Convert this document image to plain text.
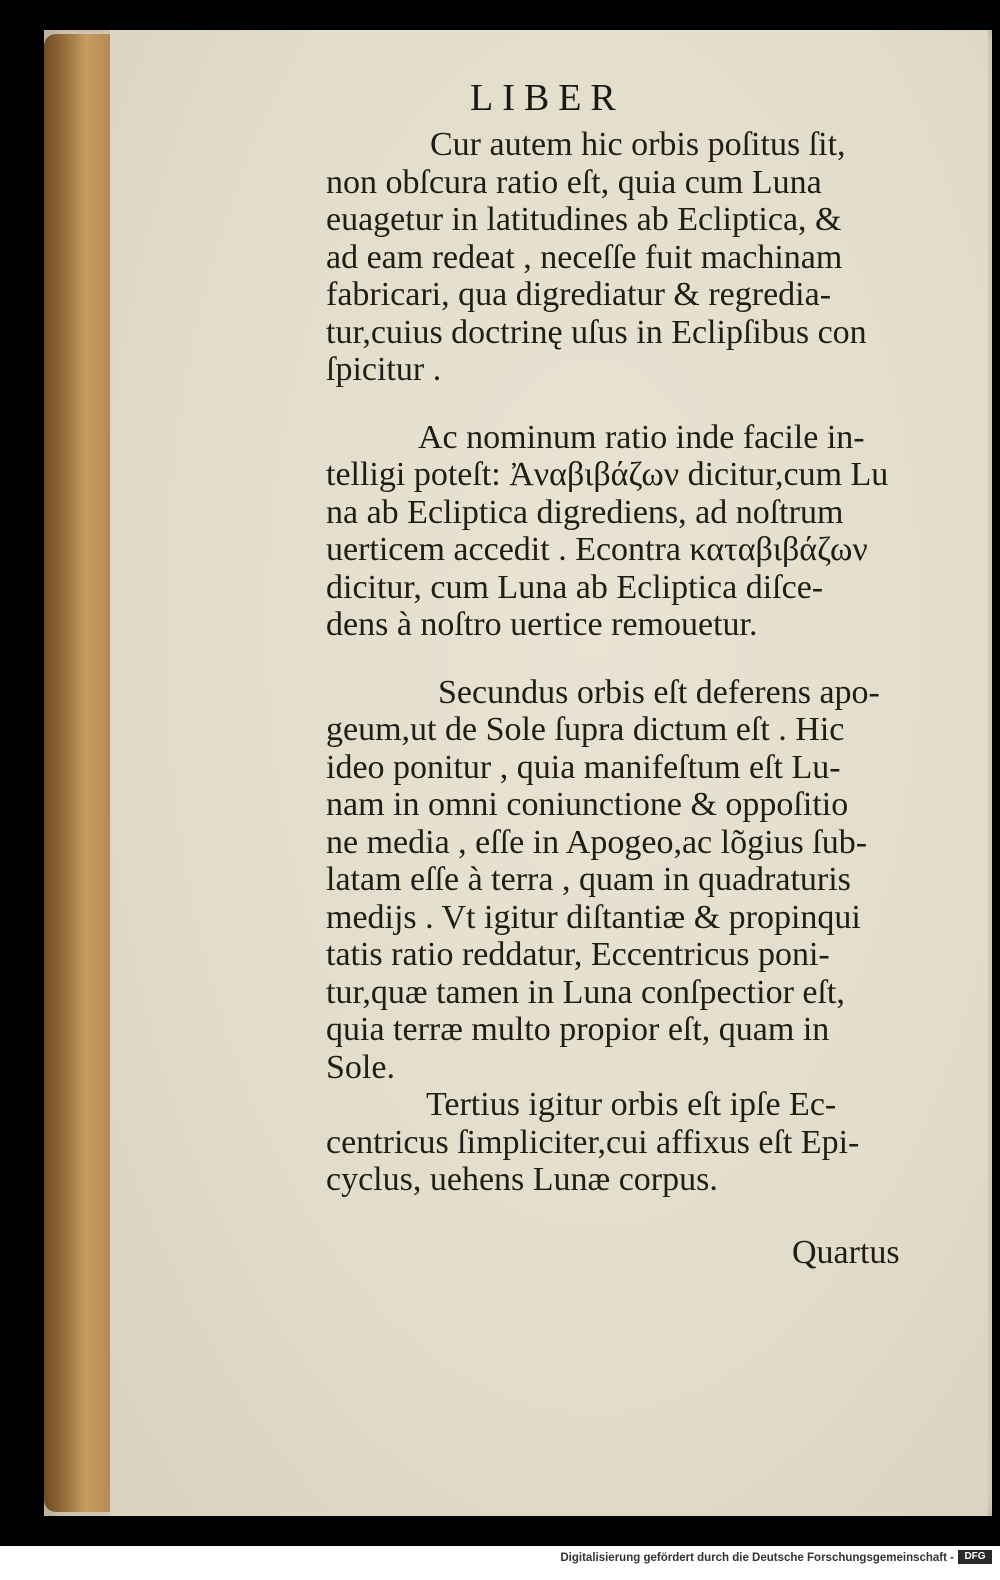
LIBER
Cur autem hic orbis poſitus ſit,
non obſcura ratio eſt, quia cum Luna
euagetur in latitudines ab Ecliptica, &
ad eam redeat , neceſſe fuit machinam
fabricari, qua digrediatur & regredia-
tur,cuius doctrinę uſus in Eclipſibus con
ſpicitur .
Ac nominum ratio inde facile in-
telligi poteſt: Ἀναβιβάζων dicitur,cum Lu
na ab Ecliptica digrediens, ad noſtrum
uerticem accedit . Econtra καταβιβάζων
dicitur, cum Luna ab Ecliptica diſce-
dens à noſtro uertice remouetur.
Secundus orbis eſt deferens apo-
geum,ut de Sole ſupra dictum eſt . Hic
ideo ponitur , quia manifeſtum eſt Lu-
nam in omni coniunctione & oppoſitio
ne media , eſſe in Apogeo,ac lõgius ſub-
latam eſſe à terra , quam in quadraturis
medijs . Vt igitur diſtantiæ & propinqui
tatis ratio reddatur, Eccentricus poni-
tur,quæ tamen in Luna conſpectior eſt,
quia terræ multo propior eſt, quam in
Sole.
Tertius igitur orbis eſt ipſe Ec-
centricus ſimpliciter,cui affixus eſt Epi-
cyclus, uehens Lunæ corpus.
Quartus
Digitalisierung gefördert durch die Deutsche Forschungsgemeinschaft -	DFG
